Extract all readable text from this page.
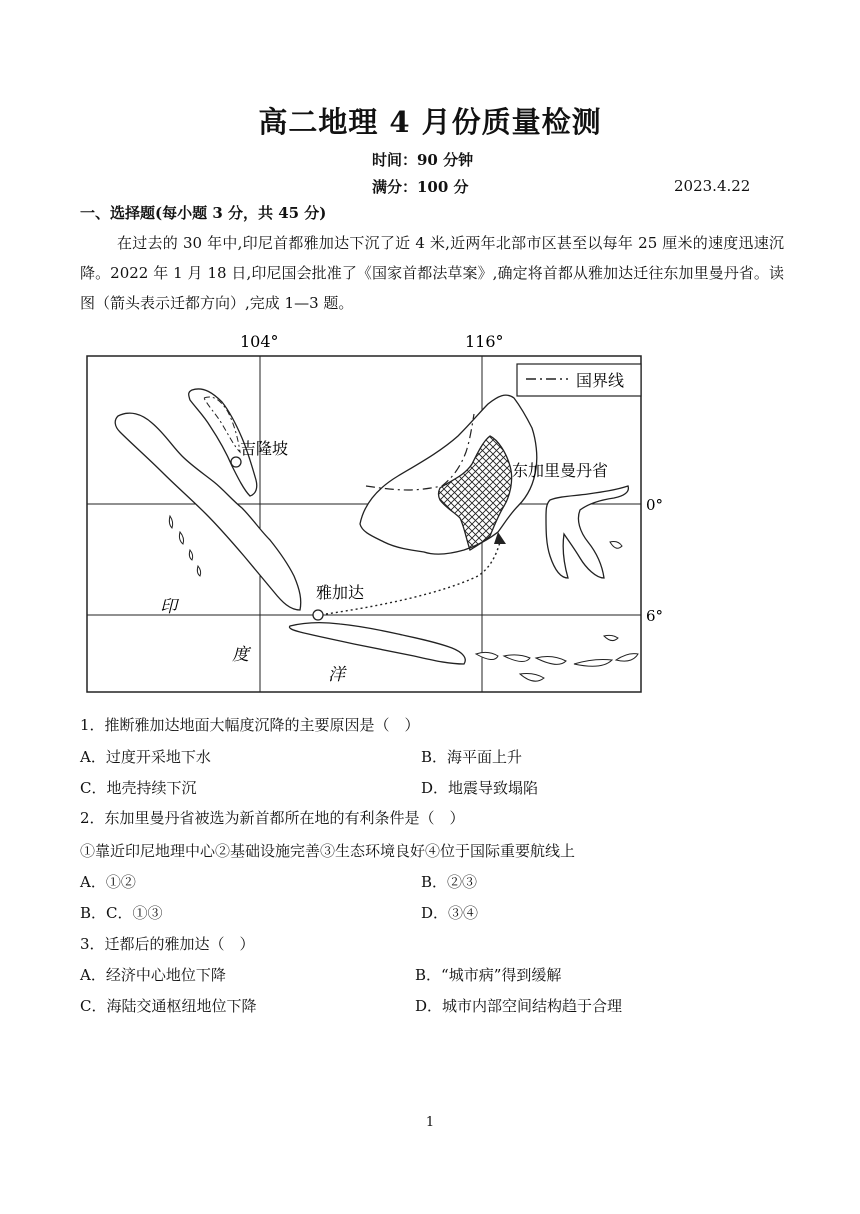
高二地理 4 月份质量检测
时间：90 分钟
满分：100 分	2023.4.22
一、选择题(每小题 3 分，共 45 分)
在过去的 30 年中,印尼首都雅加达下沉了近 4 米,近两年北部市区甚至以每年 25 厘米的速度迅速沉降。2022 年 1 月 18 日,印尼国会批准了《国家首都法草案》,确定将首都从雅加达迁往东加里曼丹省。读图（箭头表示迁都方向）,完成 1—3 题。
104°	116°
0°
6°
国界线
吉隆坡
东加里曼丹省
雅加达
印
度
洋
1．推断雅加达地面大幅度沉降的主要原因是（　）
A．过度开采地下水	B．海平面上升
C．地壳持续下沉	D．地震导致塌陷
2．东加里曼丹省被选为新首都所在地的有利条件是（　）
①靠近印尼地理中心②基础设施完善③生态环境良好④位于国际重要航线上
A．①②	B．②③
B．C．①③	D．③④
3．迁都后的雅加达（　）
A．经济中心地位下降	B．“城市病”得到缓解
C．海陆交通枢纽地位下降	D．城市内部空间结构趋于合理
1
